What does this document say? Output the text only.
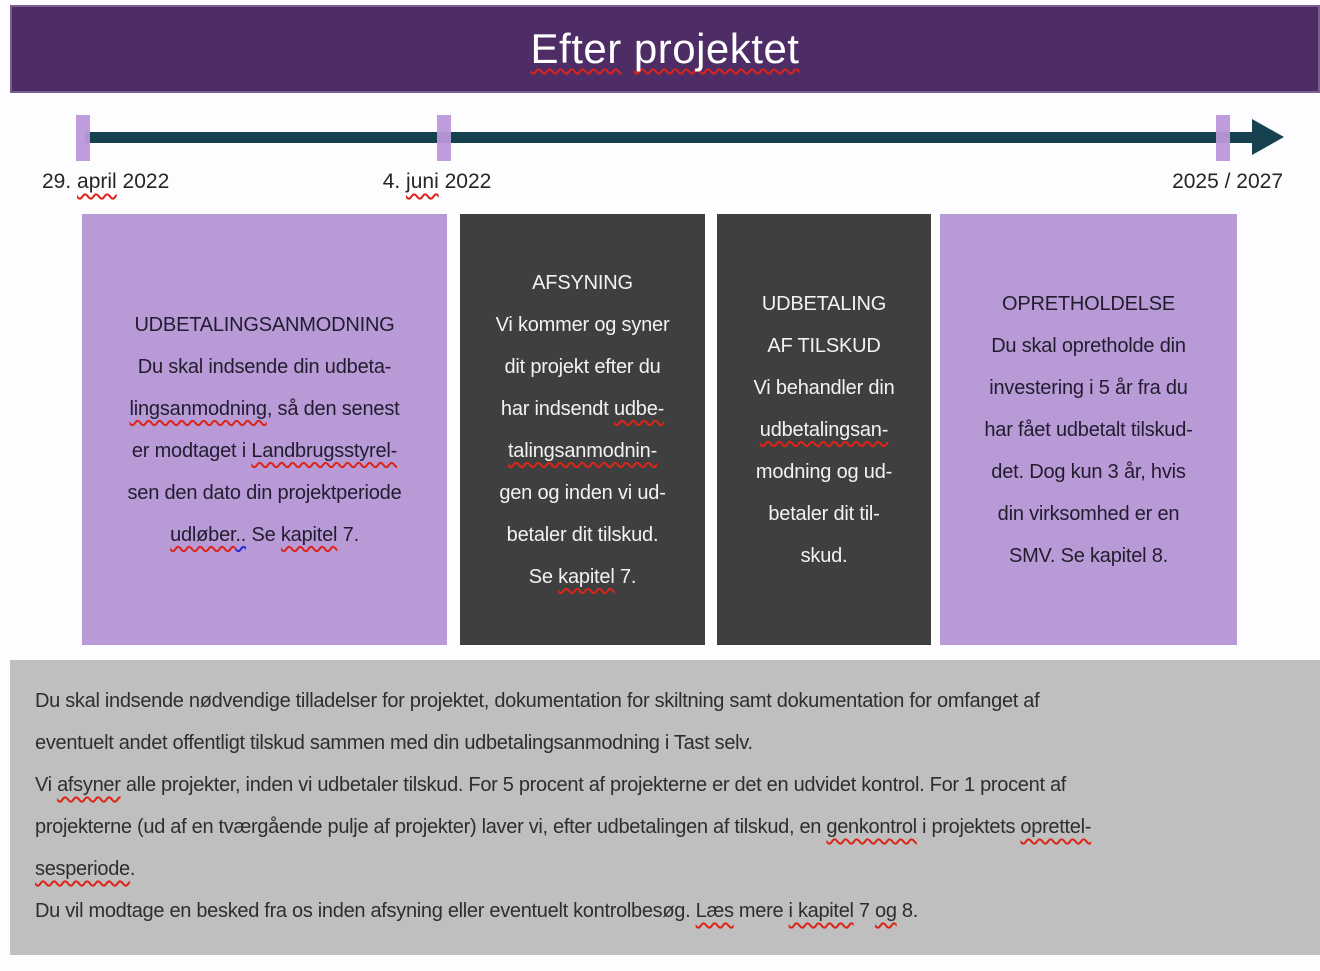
Efter projektet
29. april 2022	4. juni 2022	2025 / 2027
UDBETALINGSANMODNING
Du skal indsende din udbeta-
lingsanmodning, så den senest
er modtaget i Landbrugsstyrel-
sen den dato din projektperiode
udløber.. Se kapitel 7.
AFSYNING
Vi kommer og syner
dit projekt efter du
har indsendt udbe-
talingsanmodnin-
gen og inden vi ud-
betaler dit tilskud.
Se kapitel 7.
UDBETALING
AF TILSKUD
Vi behandler din
udbetalingsan-
modning og ud-
betaler dit til-
skud.
OPRETHOLDELSE
Du skal opretholde din
investering i 5 år fra du
har fået udbetalt tilskud-
det. Dog kun 3 år, hvis
din virksomhed er en
SMV. Se kapitel 8.
Du skal indsende nødvendige tilladelser for projektet, dokumentation for skiltning samt dokumentation for omfanget af
eventuelt andet offentligt tilskud sammen med din udbetalingsanmodning i Tast selv.
Vi afsyner alle projekter, inden vi udbetaler tilskud. For 5 procent af projekterne er det en udvidet kontrol. For 1 procent af
projekterne (ud af en tværgående pulje af projekter) laver vi, efter udbetalingen af tilskud, en genkontrol i projektets oprettel-
sesperiode.
Du vil modtage en besked fra os inden afsyning eller eventuelt kontrolbesøg. Læs mere i kapitel 7 og 8.
